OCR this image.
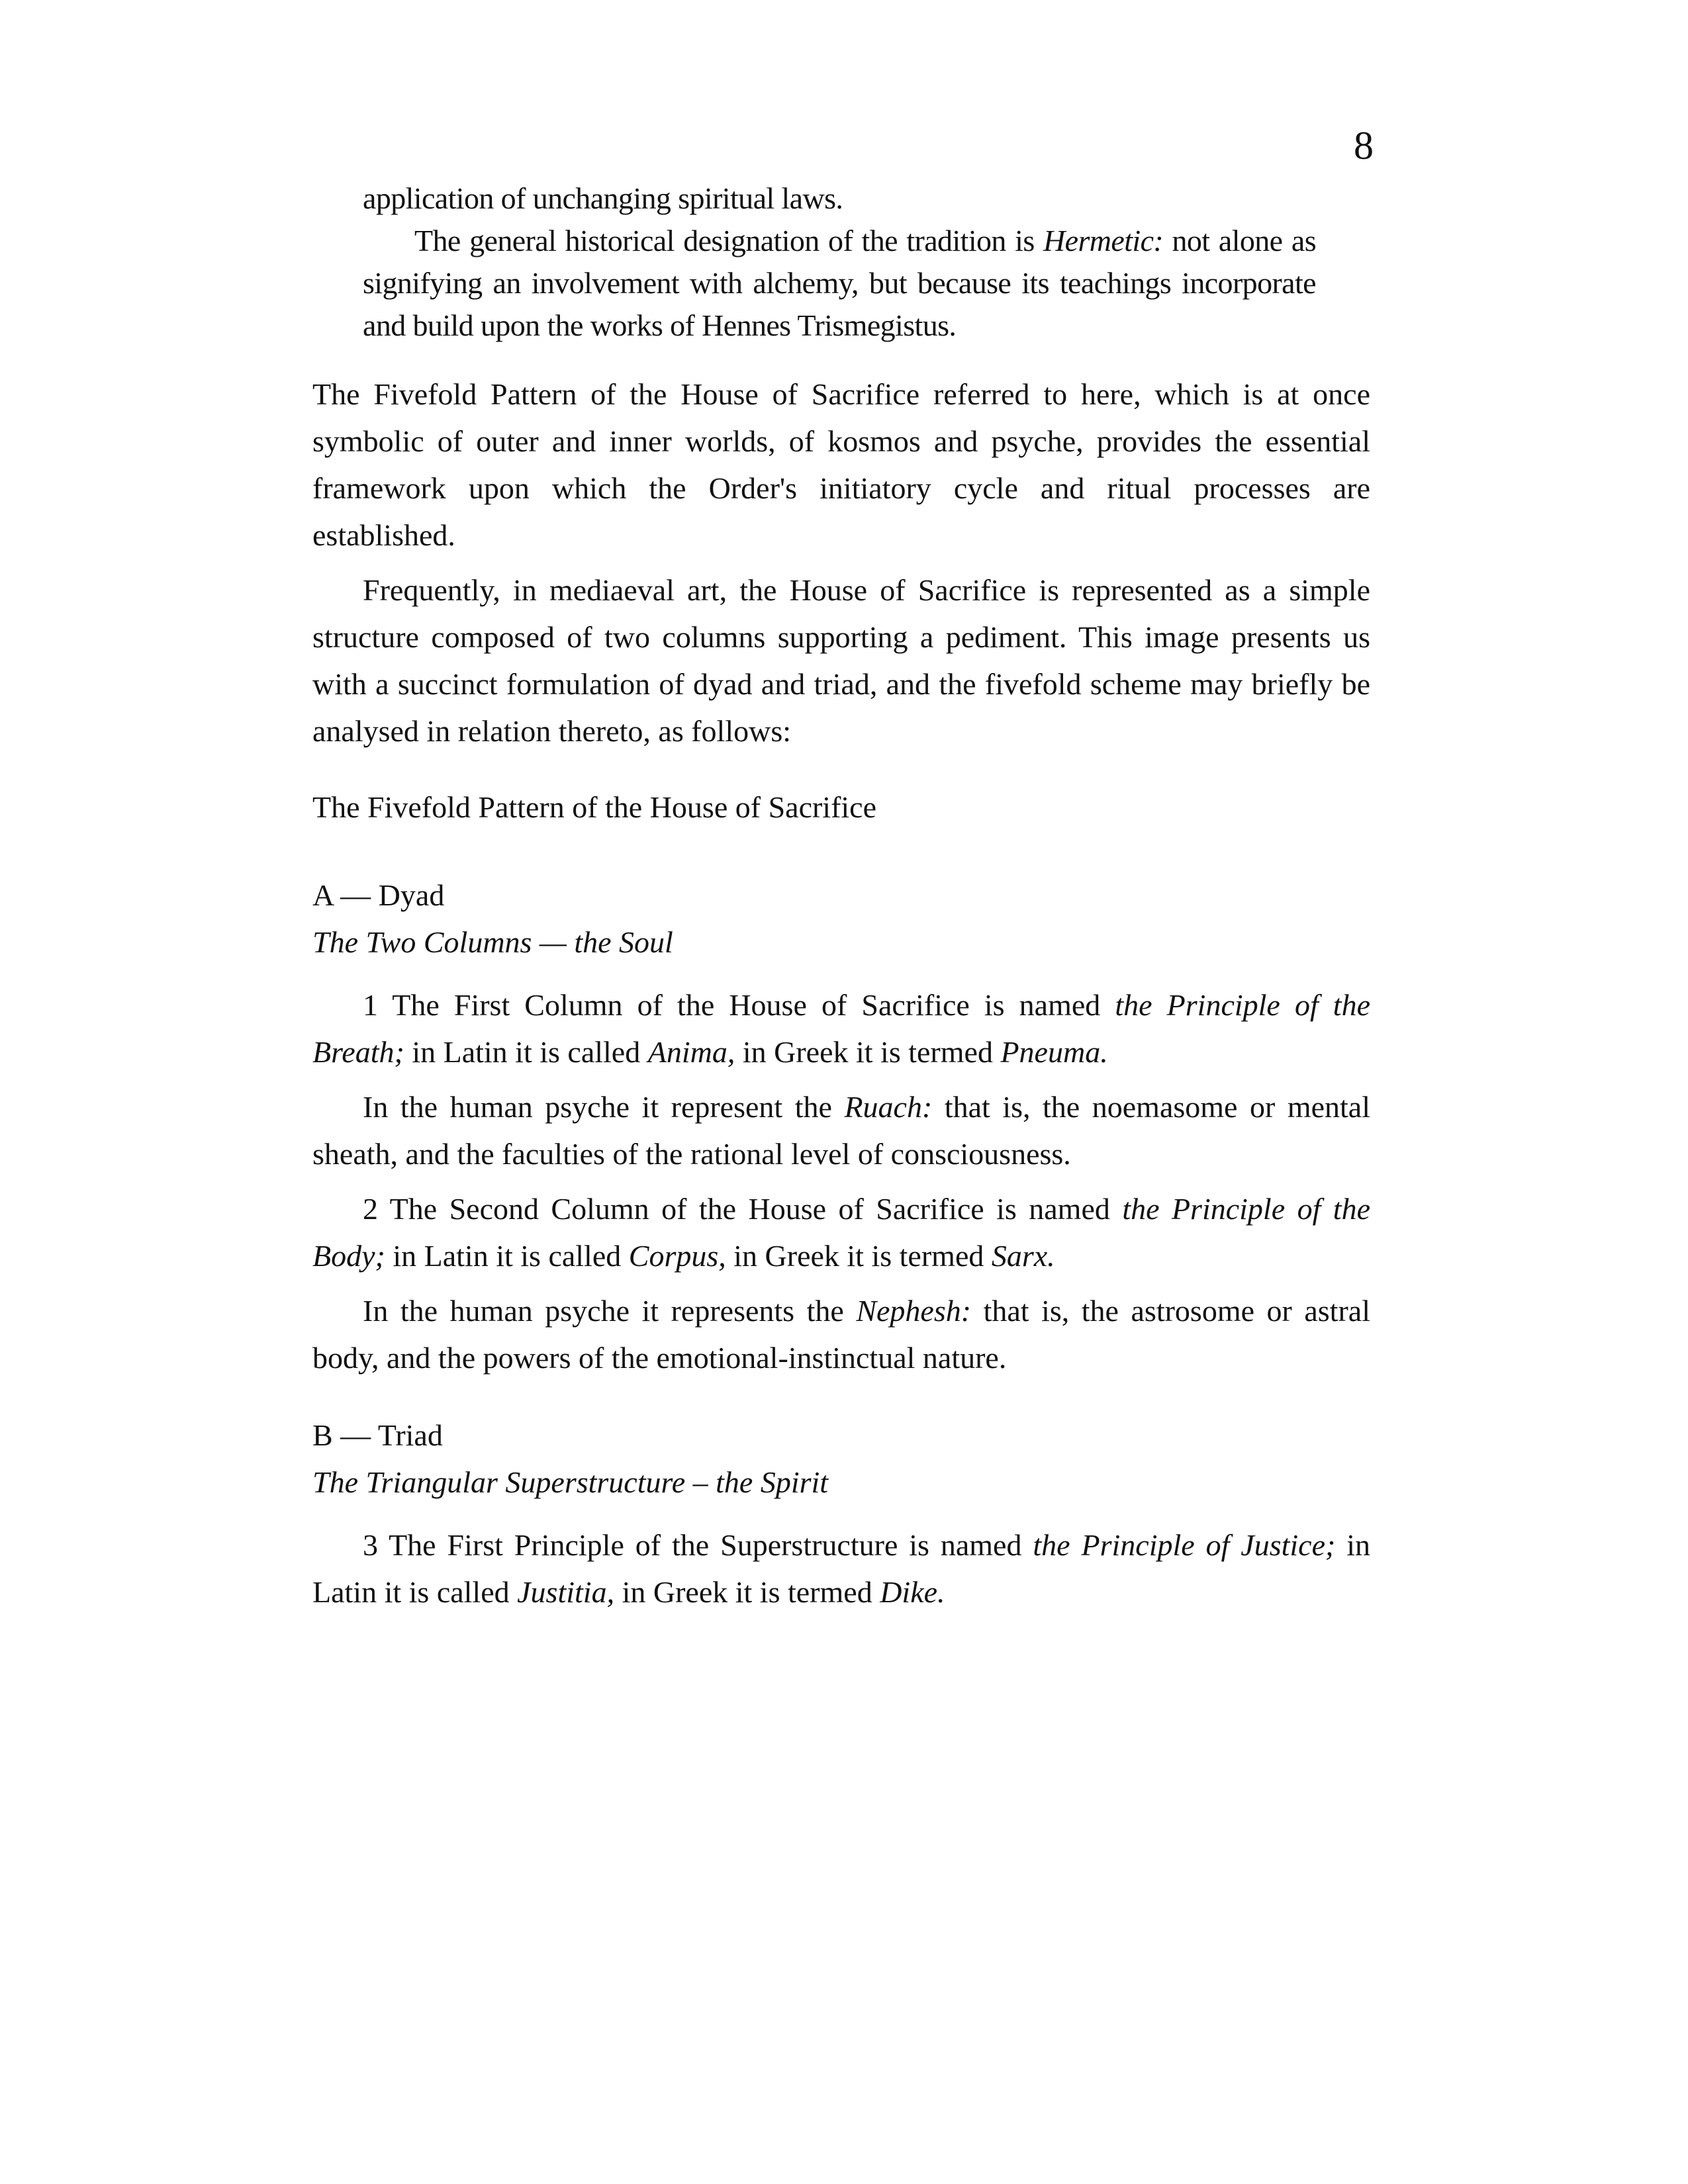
8

application of unchanging spiritual laws.

The general historical designation of the tradition is Hermetic: not alone as signifying an involvement with alchemy, but because its teachings incorporate and build upon the works of Hennes Trismegistus.

The Fivefold Pattern of the House of Sacrifice referred to here, which is at once symbolic of outer and inner worlds, of kosmos and psyche, provides the essential framework upon which the Order's initiatory cycle and ritual processes are established.

Frequently, in mediaeval art, the House of Sacrifice is represented as a simple structure composed of two columns supporting a pediment. This image presents us with a succinct formulation of dyad and triad, and the fivefold scheme may briefly be analysed in relation thereto, as follows:

The Fivefold Pattern of the House of Sacrifice

A — Dyad

The Two Columns — the Soul

1 The First Column of the House of Sacrifice is named the Principle of the Breath; in Latin it is called Anima, in Greek it is termed Pneuma.

In the human psyche it represent the Ruach: that is, the noemasome or mental sheath, and the faculties of the rational level of consciousness.

2 The Second Column of the House of Sacrifice is named the Principle of the Body; in Latin it is called Corpus, in Greek it is termed Sarx.

In the human psyche it represents the Nephesh: that is, the astrosome or astral body, and the powers of the emotional-instinctual nature.

B — Triad

The Triangular Superstructure – the Spirit

3 The First Principle of the Superstructure is named the Principle of Justice; in Latin it is called Justitia, in Greek it is termed Dike.
